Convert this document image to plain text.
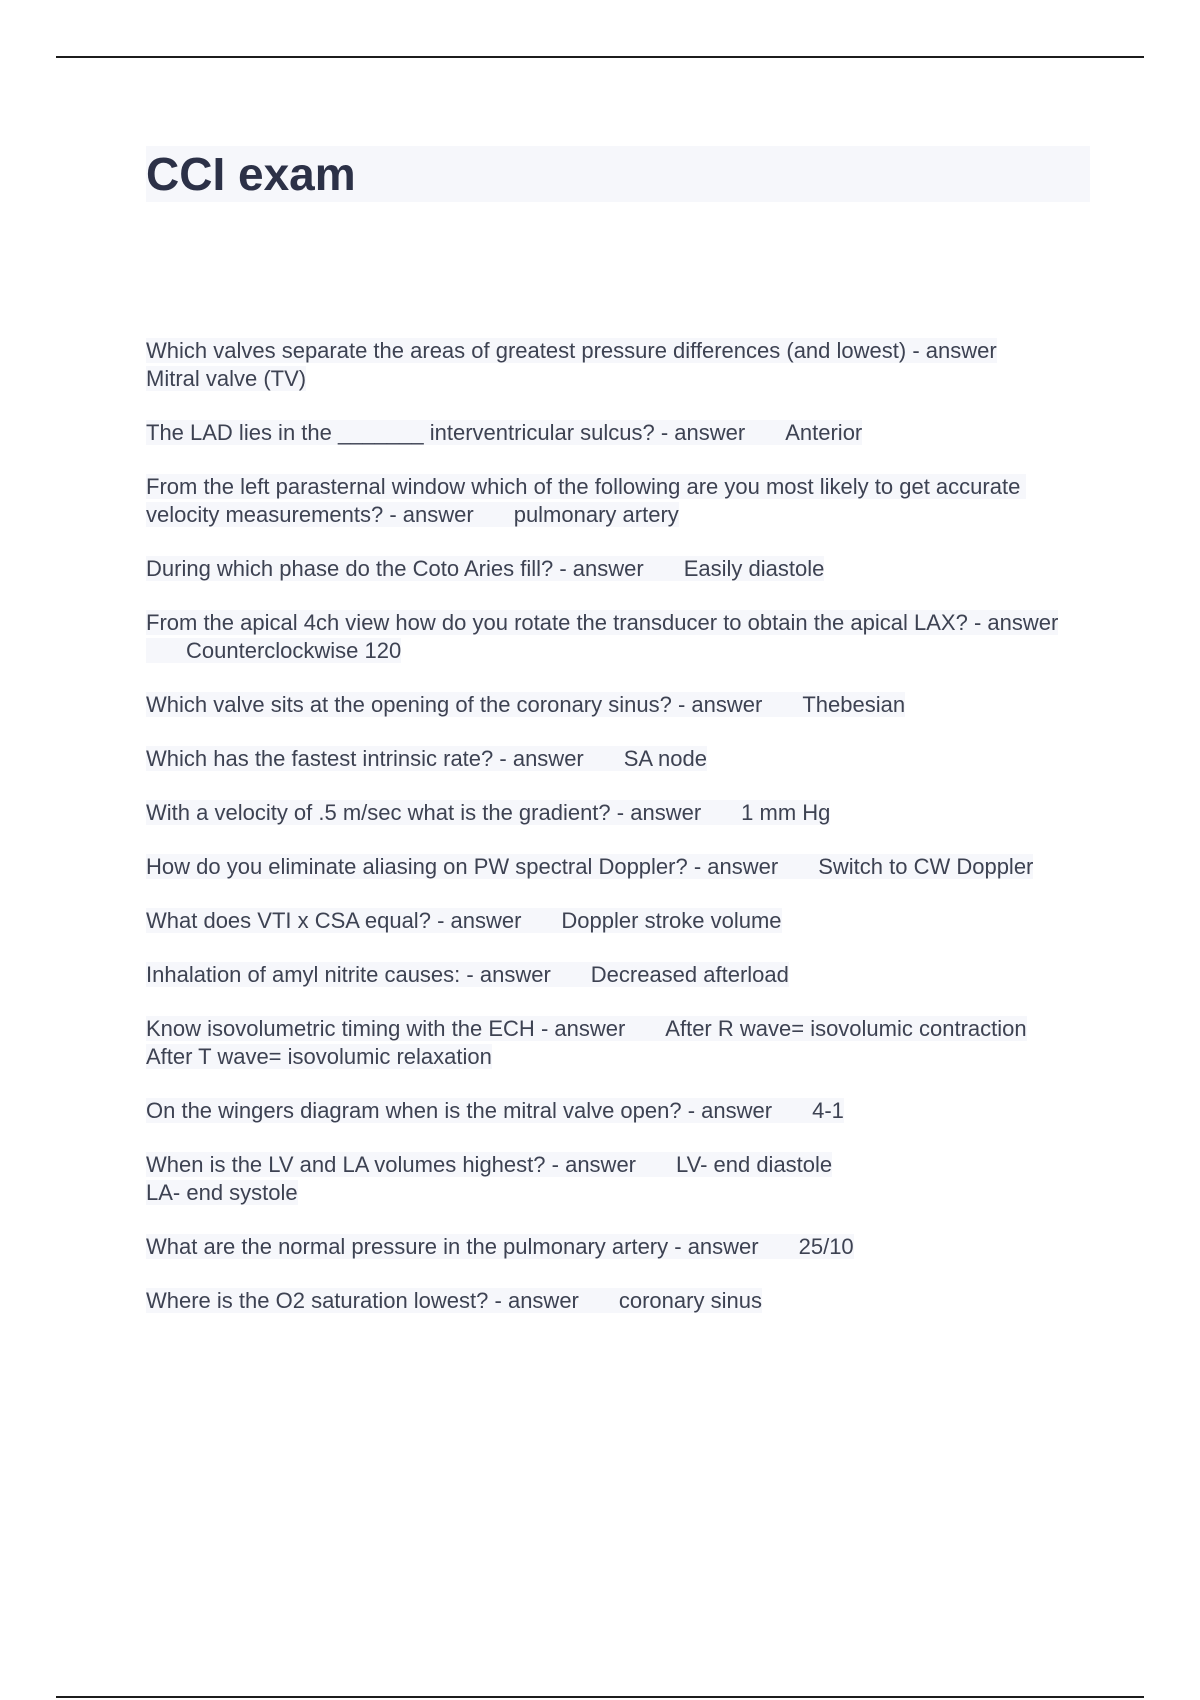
CCI exam
Which valves separate the areas of greatest pressure differences (and lowest) - answer
Mitral valve (TV)
The LAD lies in the _______ interventricular sulcus? - answer Anterior
From the left parasternal window which of the following are you most likely to get accurate velocity measurements? - answer pulmonary artery
During which phase do the Coto Aries fill? - answer Easily diastole
From the apical 4ch view how do you rotate the transducer to obtain the apical LAX? - answerCounterclockwise 120
Which valve sits at the opening of the coronary sinus? - answer Thebesian
Which has the fastest intrinsic rate? - answer SA node
With a velocity of .5 m/sec what is the gradient? - answer 1 mm Hg
How do you eliminate aliasing on PW spectral Doppler? - answer Switch to CW Doppler
What does VTI x CSA equal? - answer Doppler stroke volume
Inhalation of amyl nitrite causes: - answer Decreased afterload
Know isovolumetric timing with the ECH - answer After R wave= isovolumic contraction
After T wave= isovolumic relaxation
On the wingers diagram when is the mitral valve open? - answer 4-1
When is the LV and LA volumes highest? - answer LV- end diastole
LA- end systole
What are the normal pressure in the pulmonary artery - answer 25/10
Where is the O2 saturation lowest? - answer coronary sinus
